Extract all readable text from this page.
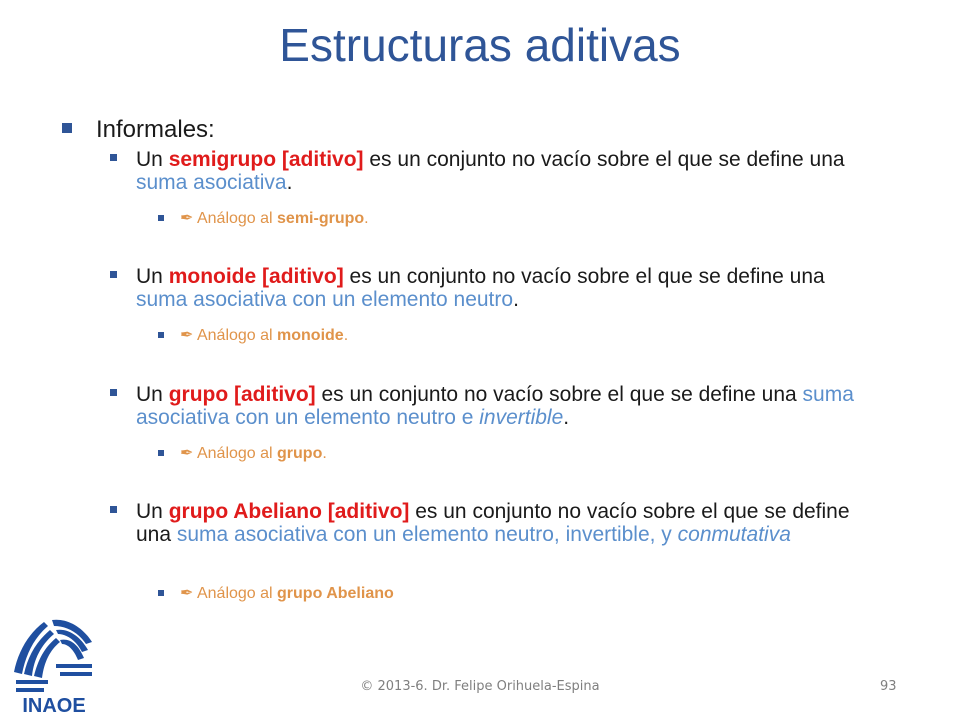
Estructuras aditivas
Informales:
Un semigrupo [aditivo] es un conjunto no vacío sobre el que se define una suma asociativa.
✒ Análogo al semi-grupo.
Un monoide [aditivo] es un conjunto no vacío sobre el que se define una suma asociativa con un elemento neutro.
✒ Análogo al monoide.
Un grupo [aditivo] es un conjunto no vacío sobre el que se define una suma asociativa con un elemento neutro e invertible.
✒ Análogo al grupo.
Un grupo Abeliano [aditivo] es un conjunto no vacío sobre el que se define una suma asociativa con un elemento neutro, invertible, y conmutativa
✒ Análogo al grupo Abeliano
INAOE
© 2013-6. Dr. Felipe Orihuela-Espina	93
